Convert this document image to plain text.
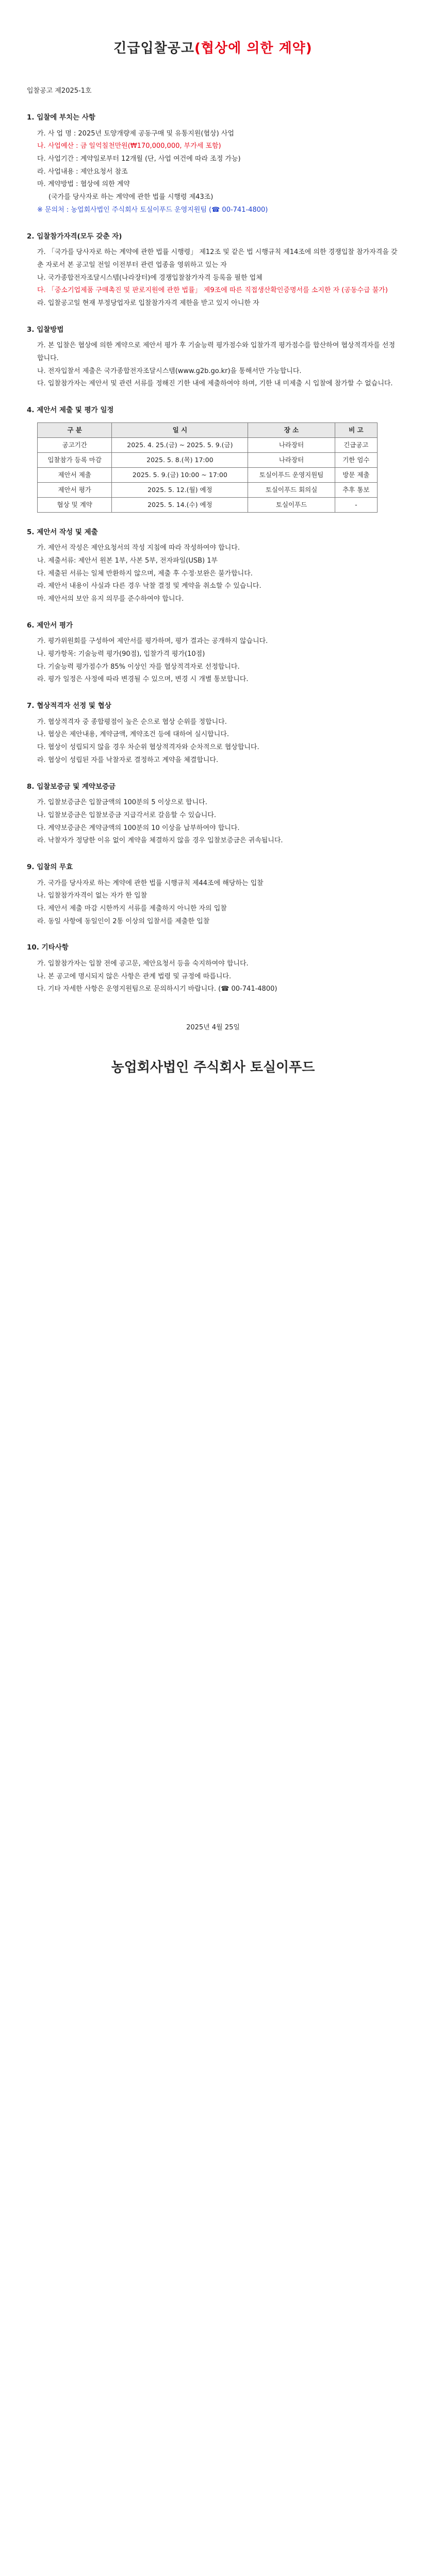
긴급입찰공고(협상에 의한 계약)

입찰공고 제2025-1호

1. 입찰에 부치는 사항

가. 사 업 명 : 2025년 토양개량제 공동구매 및 유통지원(협상) 사업

나. 사업예산 : 금 일억칠천만원(₩170,000,000, 부가세 포함)

다. 사업기간 : 계약일로부터 12개월 (단, 사업 여건에 따라 조정 가능)

라. 사업내용 : 제안요청서 참조

마. 계약방법 : 협상에 의한 계약

(국가를 당사자로 하는 계약에 관한 법률 시행령 제43조)

※ 문의처 : 농업회사법인 주식회사 토실이푸드 운영지원팀 (☎ 00-741-4800)

2. 입찰참가자격(모두 갖춘 자)

가. 「국가를 당사자로 하는 계약에 관한 법률 시행령」 제12조 및 같은 법 시행규칙 제14조에 의한 경쟁입찰 참가자격을 갖춘 자로서 본 공고일 전일 이전부터 관련 업종을 영위하고 있는 자

나. 국가종합전자조달시스템(나라장터)에 경쟁입찰참가자격 등록을 필한 업체

다. 「중소기업제품 구매촉진 및 판로지원에 관한 법률」 제9조에 따른 직접생산확인증명서를 소지한 자 (공동수급 불가)

라. 입찰공고일 현재 부정당업자로 입찰참가자격 제한을 받고 있지 아니한 자

3. 입찰방법

가. 본 입찰은 협상에 의한 계약으로 제안서 평가 후 기술능력 평가점수와 입찰가격 평가점수를 합산하여 협상적격자를 선정합니다.

나. 전자입찰서 제출은 국가종합전자조달시스템(www.g2b.go.kr)을 통해서만 가능합니다.

다. 입찰참가자는 제안서 및 관련 서류를 정해진 기한 내에 제출하여야 하며, 기한 내 미제출 시 입찰에 참가할 수 없습니다.

4. 제안서 제출 및 평가 일정

구 분	일 시	장 소	비 고
공고기간	2025. 4. 25.(금) ~ 2025. 5. 9.(금)	나라장터	긴급공고
입찰참가 등록 마감	2025. 5. 8.(목) 17:00	나라장터	기한 엄수
제안서 제출	2025. 5. 9.(금) 10:00 ~ 17:00	토실이푸드 운영지원팀	방문 제출
제안서 평가	2025. 5. 12.(월) 예정	토실이푸드 회의실	추후 통보
협상 및 계약	2025. 5. 14.(수) 예정	토실이푸드	-

5. 제안서 작성 및 제출

가. 제안서 작성은 제안요청서의 작성 지침에 따라 작성하여야 합니다.

나. 제출서류: 제안서 원본 1부, 사본 5부, 전자파일(USB) 1부

다. 제출된 서류는 일체 반환하지 않으며, 제출 후 수정·보완은 불가합니다.

라. 제안서 내용이 사실과 다른 경우 낙찰 결정 및 계약을 취소할 수 있습니다.

마. 제안서의 보안 유지 의무를 준수하여야 합니다.

6. 제안서 평가

가. 평가위원회를 구성하여 제안서를 평가하며, 평가 결과는 공개하지 않습니다.

나. 평가항목: 기술능력 평가(90점), 입찰가격 평가(10점)

다. 기술능력 평가점수가 85% 이상인 자를 협상적격자로 선정합니다.

라. 평가 일정은 사정에 따라 변경될 수 있으며, 변경 시 개별 통보합니다.

7. 협상적격자 선정 및 협상

가. 협상적격자 중 종합평점이 높은 순으로 협상 순위를 정합니다.

나. 협상은 제안내용, 계약금액, 계약조건 등에 대하여 실시합니다.

다. 협상이 성립되지 않을 경우 차순위 협상적격자와 순차적으로 협상합니다.

라. 협상이 성립된 자를 낙찰자로 결정하고 계약을 체결합니다.

8. 입찰보증금 및 계약보증금

가. 입찰보증금은 입찰금액의 100분의 5 이상으로 합니다.

나. 입찰보증금은 입찰보증금 지급각서로 갈음할 수 있습니다.

다. 계약보증금은 계약금액의 100분의 10 이상을 납부하여야 합니다.

라. 낙찰자가 정당한 이유 없이 계약을 체결하지 않을 경우 입찰보증금은 귀속됩니다.

9. 입찰의 무효

가. 국가를 당사자로 하는 계약에 관한 법률 시행규칙 제44조에 해당하는 입찰

나. 입찰참가자격이 없는 자가 한 입찰

다. 제안서 제출 마감 시한까지 서류를 제출하지 아니한 자의 입찰

라. 동일 사항에 동일인이 2통 이상의 입찰서를 제출한 입찰

10. 기타사항

가. 입찰참가자는 입찰 전에 공고문, 제안요청서 등을 숙지하여야 합니다.

나. 본 공고에 명시되지 않은 사항은 관계 법령 및 규정에 따릅니다.

다. 기타 자세한 사항은 운영지원팀으로 문의하시기 바랍니다. (☎ 00-741-4800)

2025년 4월 25일

농업회사법인 주식회사 토실이푸드
